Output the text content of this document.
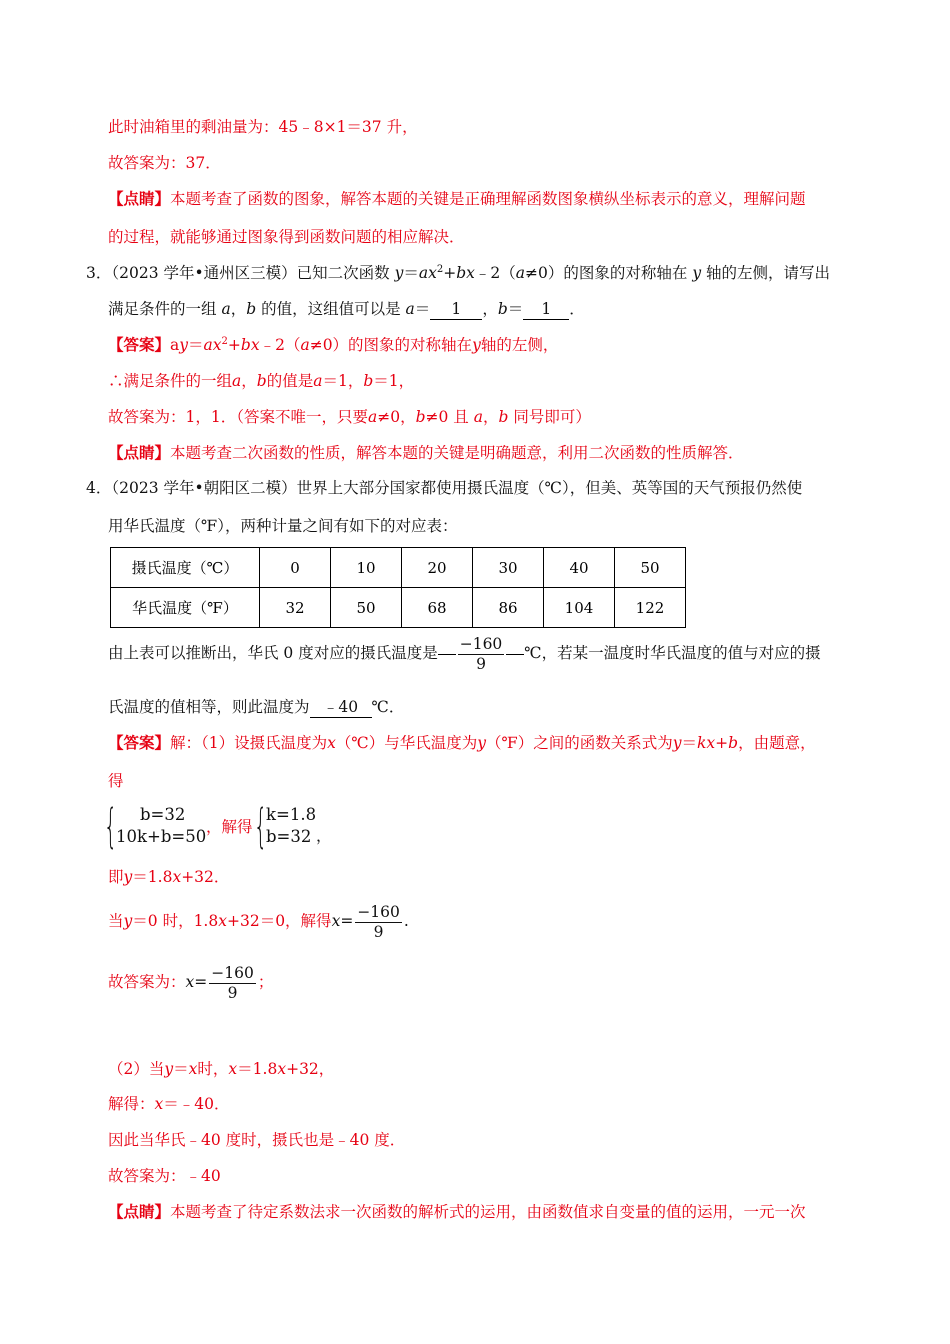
此时油箱里的剩油量为：45﹣8×1＝37 升，
故答案为：37．
【点睛】本题考查了函数的图象，解答本题的关键是正确理解函数图象横纵坐标表示的意义，理解问题
的过程，就能够通过图象得到函数问题的相应解决．
3．（2023 学年•通州区三模）已知二次函数 $y=ax^2+bx﹣2(a\ne 0)$的图象的对称轴在 y 轴的左侧，请写出
满足条件的一组 a，b 的值，这组值可以是 a＝ 1 ，b＝ 1 ．
【答案】$ay=ax^2+bx﹣2(a\ne 0)$的图象的对称轴在y轴的左侧，
∴满足条件的一组a，b的值是a＝1，b＝1，
故答案为：1，1．（答案不唯一，只要a≠0，b≠0 且 a，b 同号即可）
【点睛】本题考查二次函数的性质，解答本题的关键是明确题意，利用二次函数的性质解答．
4．（2023 学年•朝阳区二模）世界上大部分国家都使用摄氏温度（℃），但美、英等国的天气预报仍然使
用华氏温度（℉），两种计量之间有如下的对应表：
摄氏温度（℃）	0	10	20	30	40	50
华氏温度（℉）	32	50	68	86	104	122
由上表可以推断出，华氏 0 度对应的摄氏温度是 $\frac{-160}{9}$ ℃，若某一温度时华氏温度的值与对应的摄
氏温度的值相等，则此温度为 ﹣40 ℃．
【答案】解：（1）设摄氏温度为x（℃）与华氏温度为y（℉）之间的函数关系式为y＝kx+b，由题意，
得
{	b=32
10k+b=50 ，解得 {
k=1.8
b=32 ，
即y＝1.8x+32．
当y＝0 时，1.8x+32＝0，解得$x= \frac{-160}{9}$ .
故答案为：$x= \frac{-160}{9}$ ；
（2）当y＝x时，x＝1.8x+32，
解得：x＝﹣40．
因此当华氏﹣40 度时，摄氏也是﹣40 度．
故答案为：﹣40
【点睛】本题考查了待定系数法求一次函数的解析式的运用，由函数值求自变量的值的运用，一元一次
